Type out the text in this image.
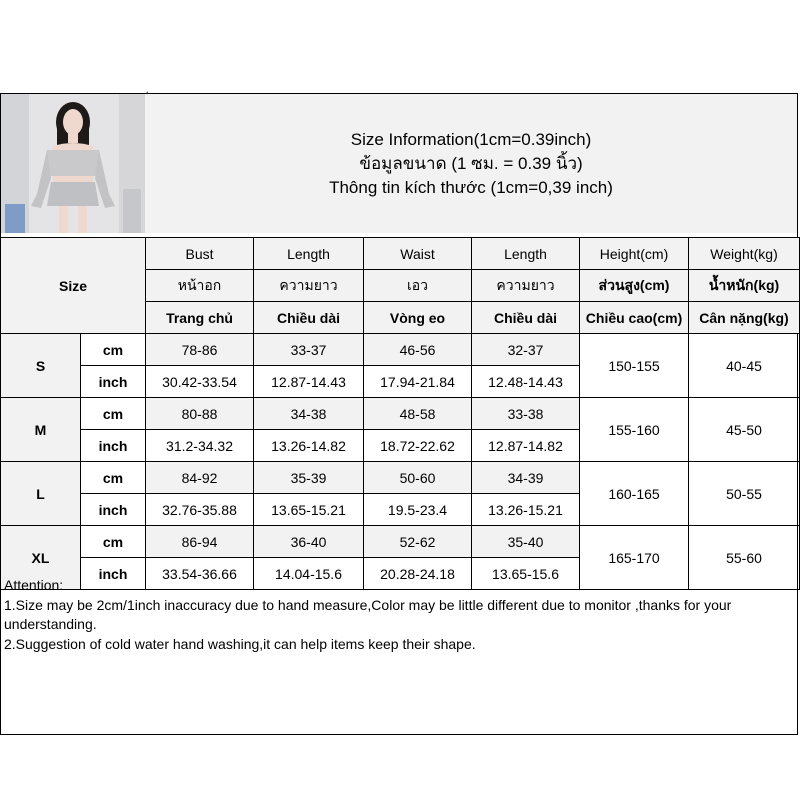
Size Information(1cm=0.39inch)
ข้อมูลขนาด (1 ซม. = 0.39 นิ้ว)
Thông tin kích thước (1cm=0,39 inch)
Size		Bust	Length	Waist	Length	Height(cm)	Weight(kg)
		หน้าอก	ความยาว	เอว	ความยาว	ส่วนสูง(cm)	น้ำหนัก(kg)
		Trang chủ	Chiều dài	Vòng eo	Chiều dài	Chiều cao(cm)	Cân nặng(kg)
S	cm	78-86	33-37	46-56	32-37	150-155	40-45
	inch	30.42-33.54	12.87-14.43	17.94-21.84	12.48-14.43		
M	cm	80-88	34-38	48-58	33-38	155-160	45-50
	inch	31.2-34.32	13.26-14.82	18.72-22.62	12.87-14.82		
L	cm	84-92	35-39	50-60	34-39	160-165	50-55
	inch	32.76-35.88	13.65-15.21	19.5-23.4	13.26-15.21		
XL	cm	86-94	36-40	52-62	35-40	165-170	55-60
	inch	33.54-36.66	14.04-15.6	20.28-24.18	13.65-15.6		
Attention:
1.Size may be 2cm/1inch inaccuracy due to hand measure,Color may be little different due to monitor ,thanks for your
understanding.
2.Suggestion of cold water hand washing,it can help items keep their shape.
